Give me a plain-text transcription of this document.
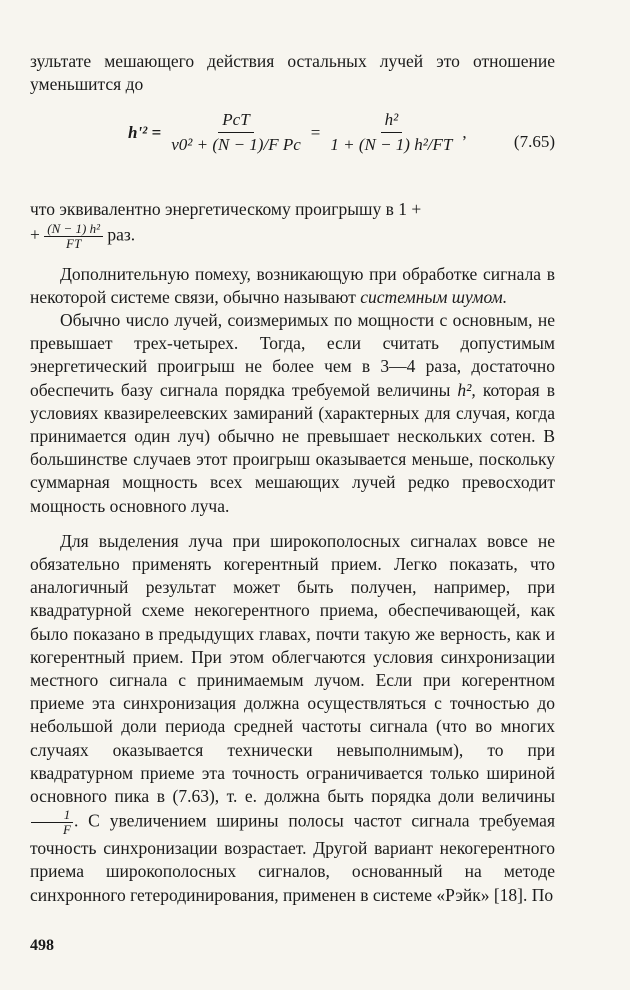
зультате мешающего действия остальных лучей это отношение уменьшится до

$h'^2 = \frac{\text{PcT}}{\text{ν0² + (N − 1)/F Pc}} = \frac{\text{h²}}{\text{1 + (N − 1) h²/FT}}$ ,	(7.65)

что эквивалентно энергетическому проигрышу в 1 +
+ $\frac{\text{(N − 1) h²}}{FT}$ раз.

Дополнительную помеху, возникающую при обработке сигнала в некоторой системе связи, обычно называют системным шумом.

Обычно число лучей, соизмеримых по мощности с основным, не превышает трех-четырех. Тогда, если считать допустимым энергетический проигрыш не более чем в 3—4 раза, достаточно обеспечить базу сигнала порядка требуемой величины h², которая в условиях квазирелеевских замираний (характерных для случая, когда принимается один луч) обычно не превышает нескольких сотен. В большинстве случаев этот проигрыш оказывается меньше, поскольку суммарная мощность всех мешающих лучей редко превосходит мощность основного луча.

Для выделения луча при широкополосных сигналах вовсе не обязательно применять когерентный прием. Легко показать, что аналогичный результат может быть получен, например, при квадратурной схеме некогерентного приема, обеспечивающей, как было показано в предыдущих главах, почти такую же верность, как и когерентный прием. При этом облегчаются условия синхронизации местного сигнала с принимаемым лучом. Если при когерентном приеме эта синхронизация должна осуществляться с точностью до небольшой доли периода средней частоты сигнала (что во многих случаях оказывается технически невыполнимым), то при квадратурном приеме эта точность ограничивается только шириной основного пика в (7.63), т. е. должна быть порядка доли величины
$\frac{1}{F}$ . С увеличением ширины полосы частот сигнала требуемая точность синхронизации возрастает. Другой вариант некогерентного приема широкополосных сигналов, основанный на методе синхронного гетеродинирования, применен в системе «Рэйк» [18]. По

498
